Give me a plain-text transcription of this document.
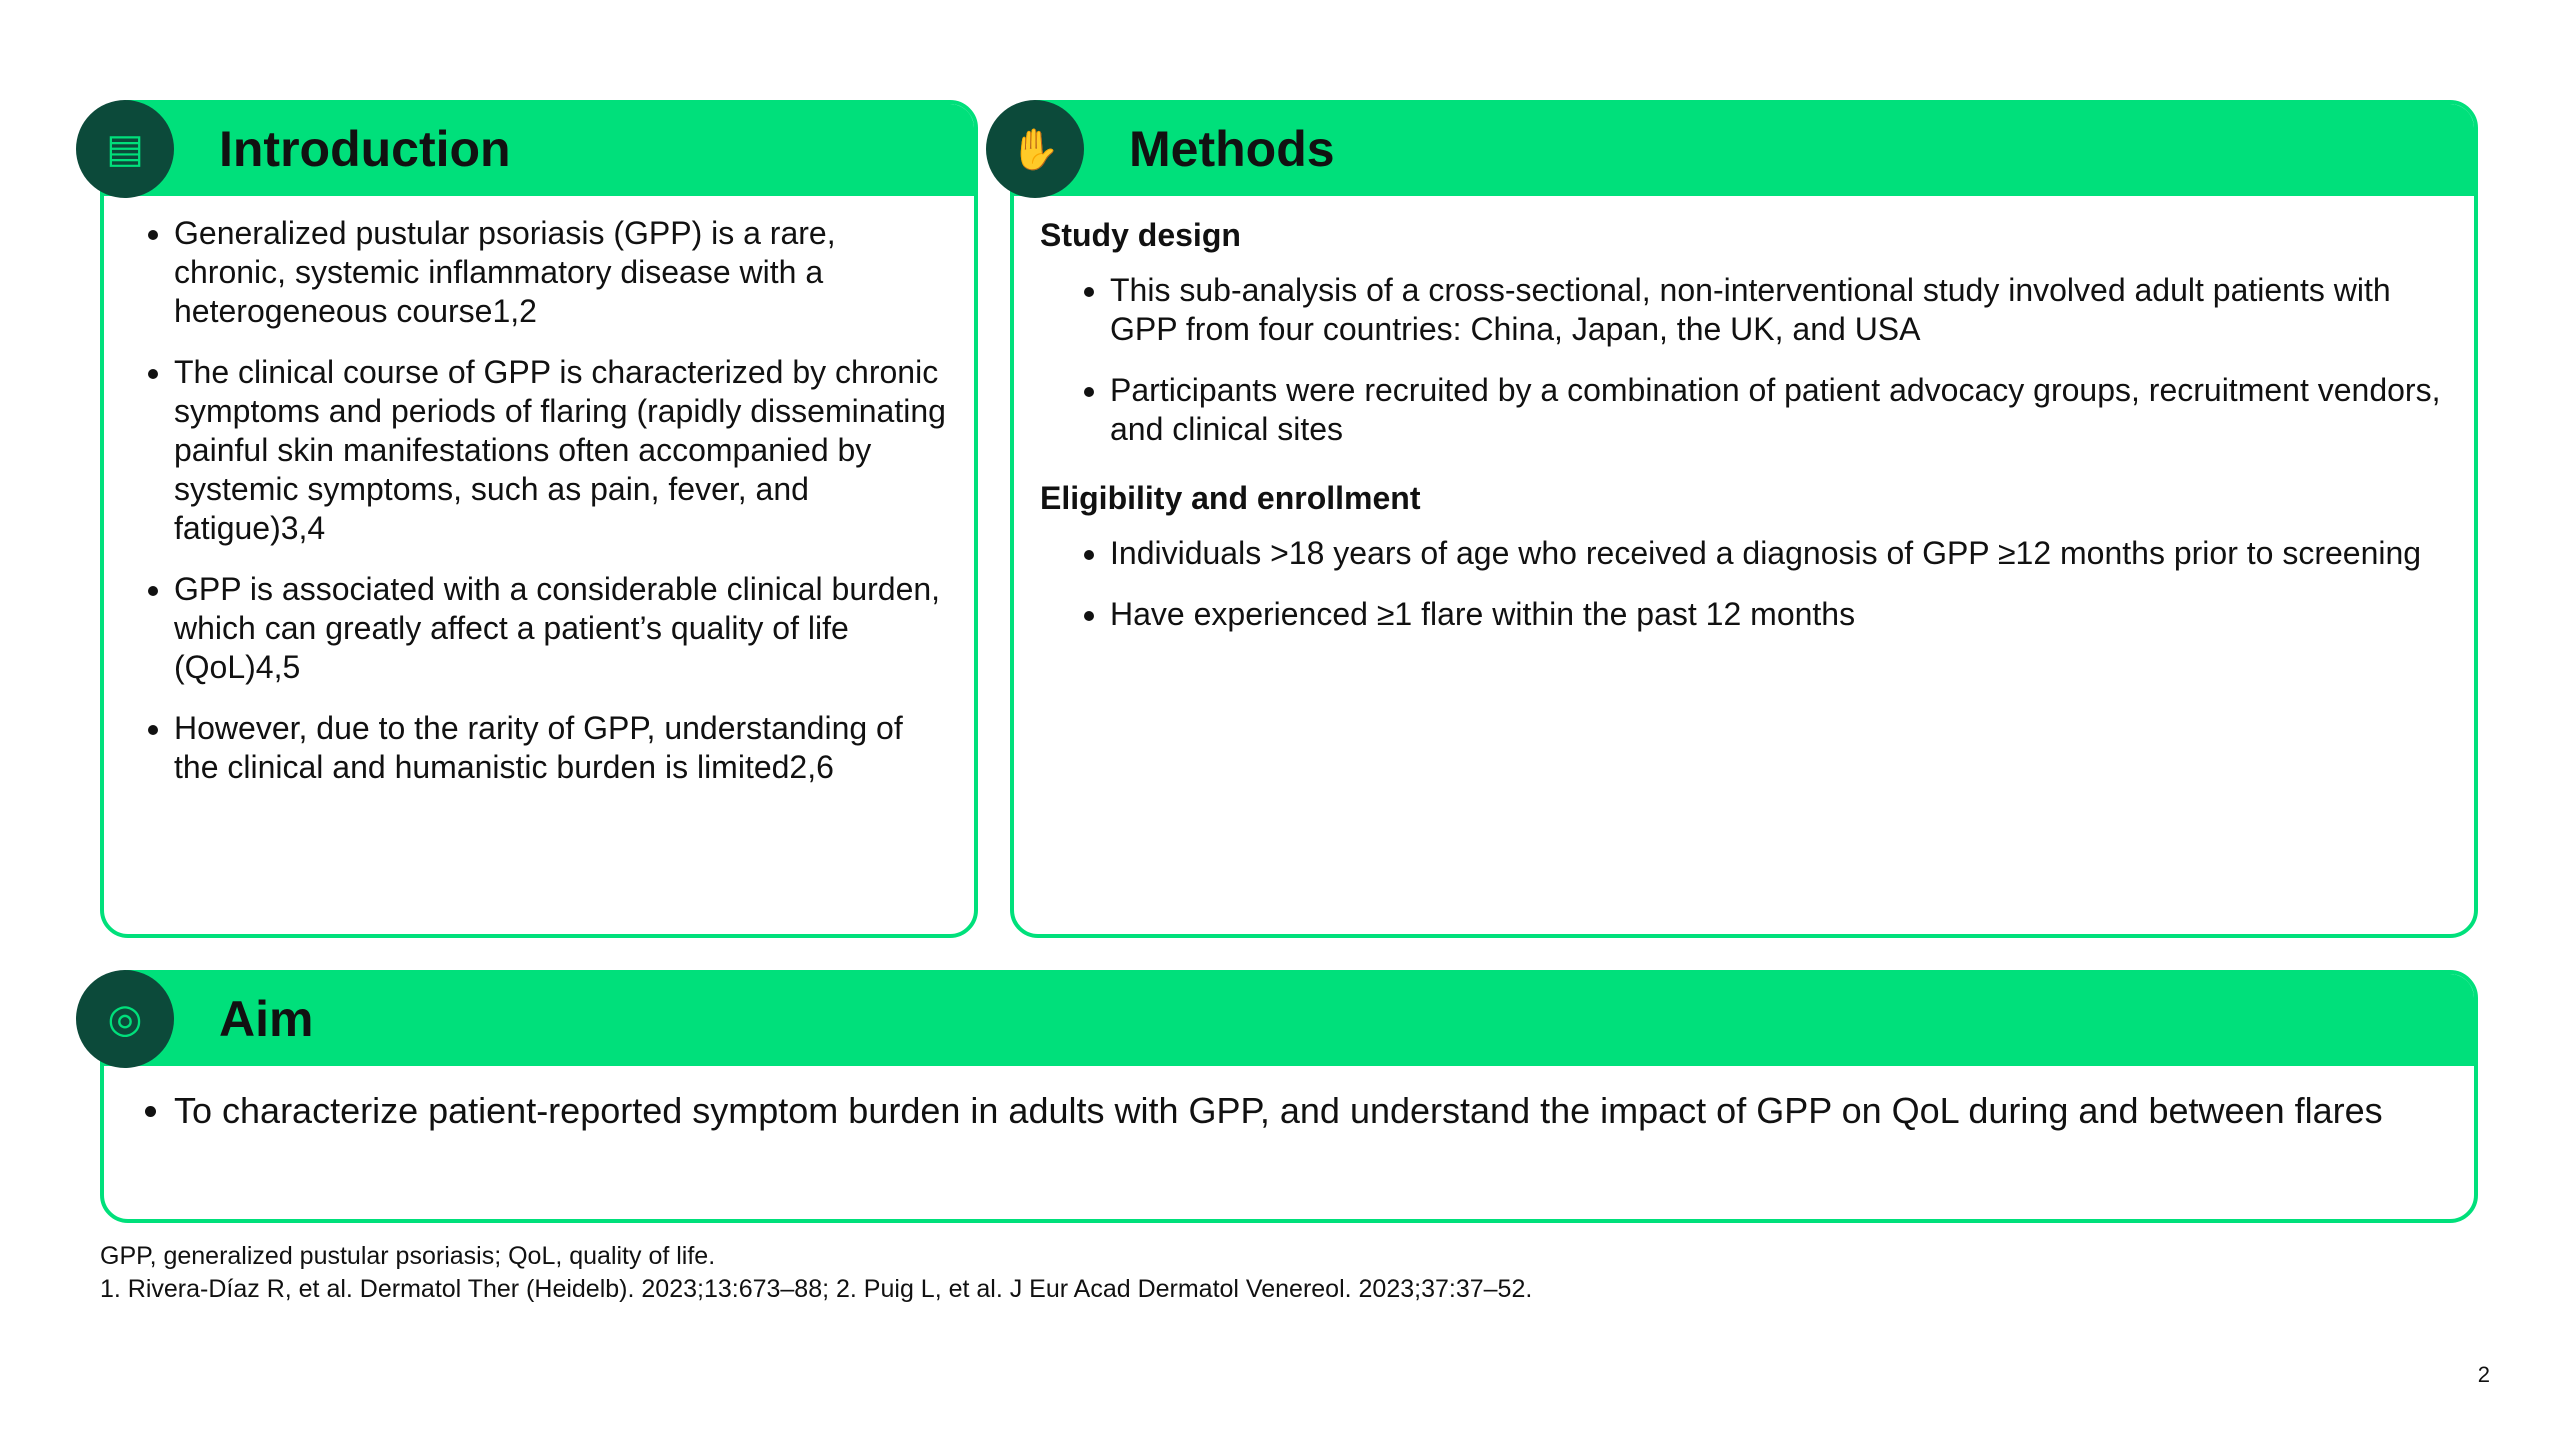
▤	Introduction
• Generalized pustular psoriasis (GPP) is a rare, chronic, systemic inflammatory disease with a heterogeneous course1,2
• The clinical course of GPP is characterized by chronic symptoms and periods of flaring (rapidly disseminating painful skin manifestations often accompanied by systemic symptoms, such as pain, fever, and fatigue)3,4
• GPP is associated with a considerable clinical burden, which can greatly affect a patient’s quality of life (QoL)4,5
• However, due to the rarity of GPP, understanding of the clinical and humanistic burden is limited2,6
✋	Methods
Study design
• This sub-analysis of a cross-sectional, non-interventional study involved adult patients with GPP from four countries: China, Japan, the UK, and USA
• Participants were recruited by a combination of patient advocacy groups, recruitment vendors, and clinical sites
Eligibility and enrollment
• Individuals >18 years of age who received a diagnosis of GPP ≥12 months prior to screening
• Have experienced ≥1 flare within the past 12 months
◎	Aim
• To characterize patient-reported symptom burden in adults with GPP, and understand the impact of GPP on QoL during and between flares
GPP, generalized pustular psoriasis; QoL, quality of life.
1. Rivera-Díaz R, et al. Dermatol Ther (Heidelb). 2023;13:673–88; 2. Puig L, et al. J Eur Acad Dermatol Venereol. 2023;37:37–52.
2
